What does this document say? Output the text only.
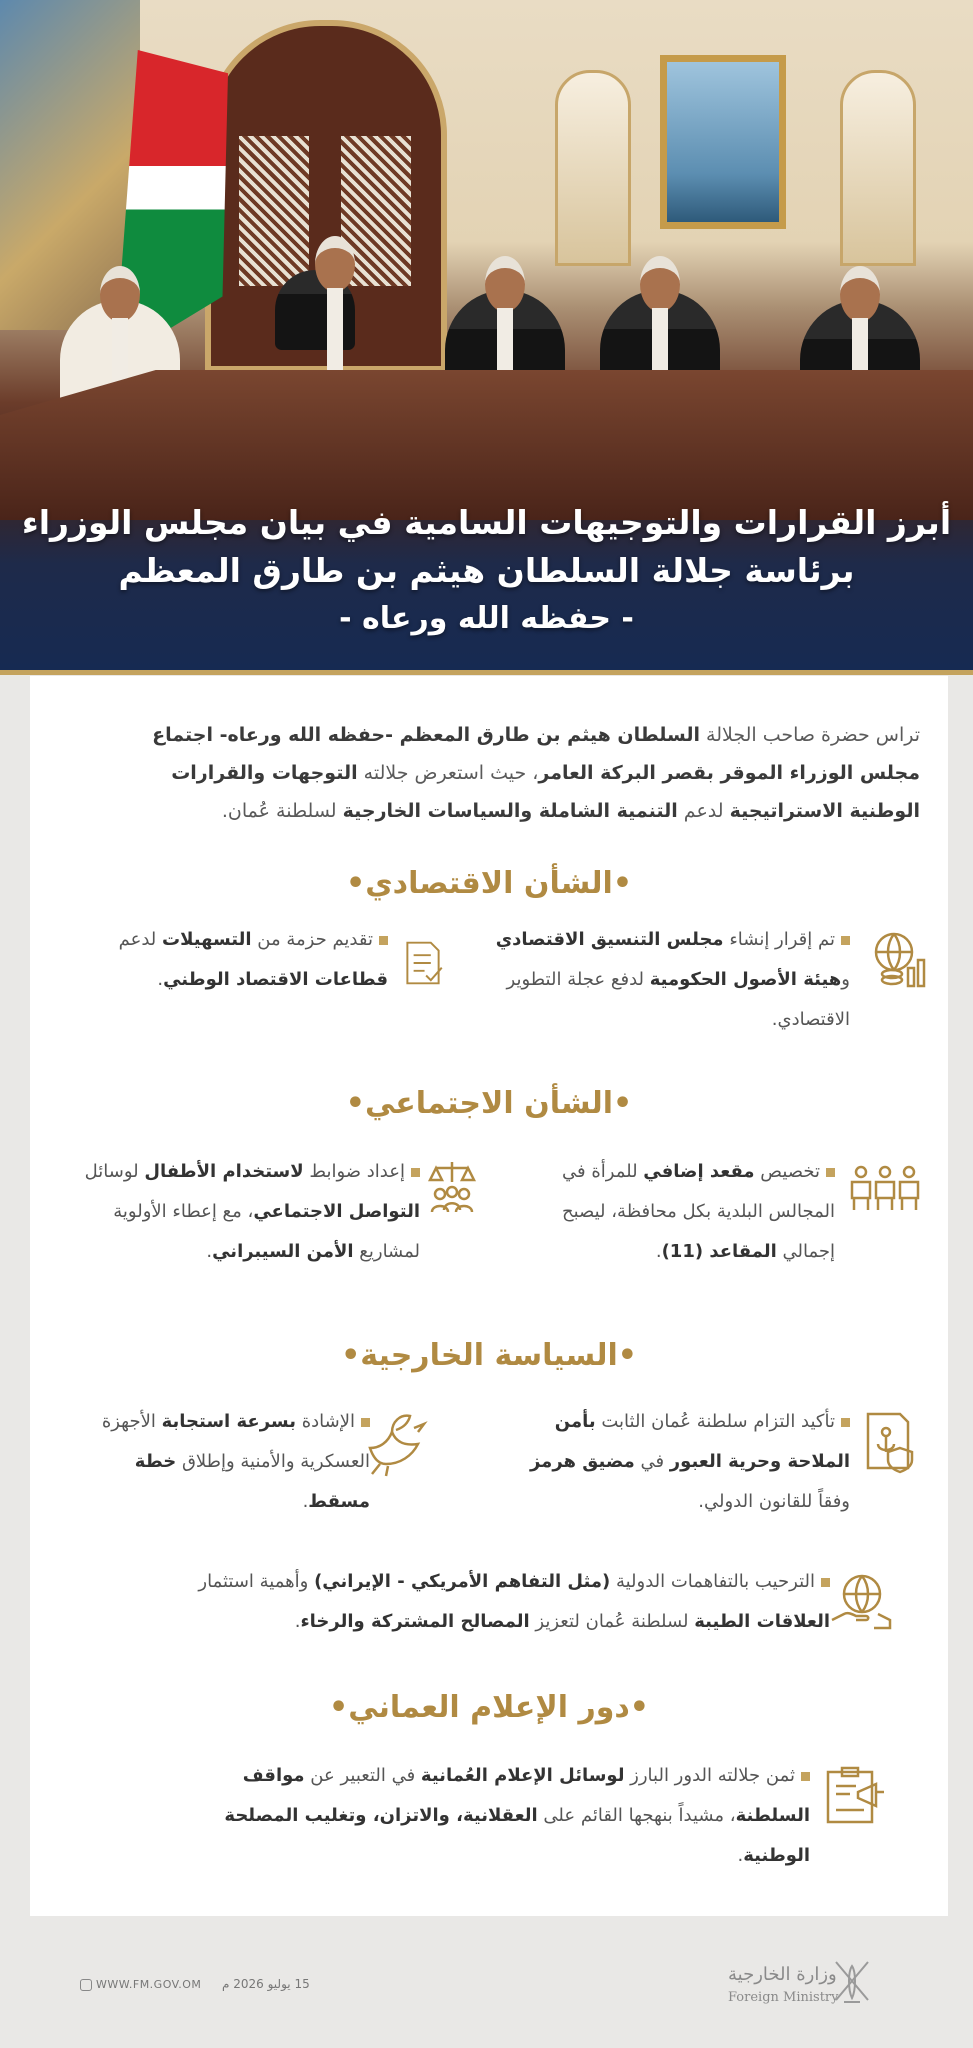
أبرز القرارات والتوجيهات السامية في بيان مجلس الوزراء
برئاسة جلالة السلطان هيثم بن طارق المعظم
- حفظه الله ورعاه -
تراس حضرة صاحب الجلالة السلطان هيثم بن طارق المعظم -حفظه الله ورعاه- اجتماع مجلس الوزراء الموقر بقصر البركة العامر، حيث استعرض جلالته التوجهات والقرارات الوطنية الاستراتيجية لدعم التنمية الشاملة والسياسات الخارجية لسلطنة عُمان.
•الشأن الاقتصادي•
تم إقرار إنشاء مجلس التنسيق الاقتصادي وهيئة الأصول الحكومية لدفع عجلة التطوير الاقتصادي.
تقديم حزمة من التسهيلات لدعم قطاعات الاقتصاد الوطني.
•الشأن الاجتماعي•
تخصيص مقعد إضافي للمرأة في المجالس البلدية بكل محافظة، ليصبح إجمالي المقاعد (11).
إعداد ضوابط لاستخدام الأطفال لوسائل التواصل الاجتماعي، مع إعطاء الأولوية لمشاريع الأمن السيبراني.
•السياسة الخارجية•
تأكيد التزام سلطنة عُمان الثابت بأمن الملاحة وحرية العبور في مضيق هرمز وفقاً للقانون الدولي.
الإشادة بسرعة استجابة الأجهزة العسكرية والأمنية وإطلاق خطة مسقط.
الترحيب بالتفاهمات الدولية (مثل التفاهم الأمريكي - الإيراني) وأهمية استثمار العلاقات الطيبة لسلطنة عُمان لتعزيز المصالح المشتركة والرخاء.
•دور الإعلام العماني•
ثمن جلالته الدور البارز لوسائل الإعلام العُمانية في التعبير عن مواقف السلطنة، مشيداً بنهجها القائم على العقلانية، والاتزان، وتغليب المصلحة الوطنية.
WWW.FM.GOV.OM 15 يوليو 2026 م	وزارة الخارجية
Foreign Ministry
